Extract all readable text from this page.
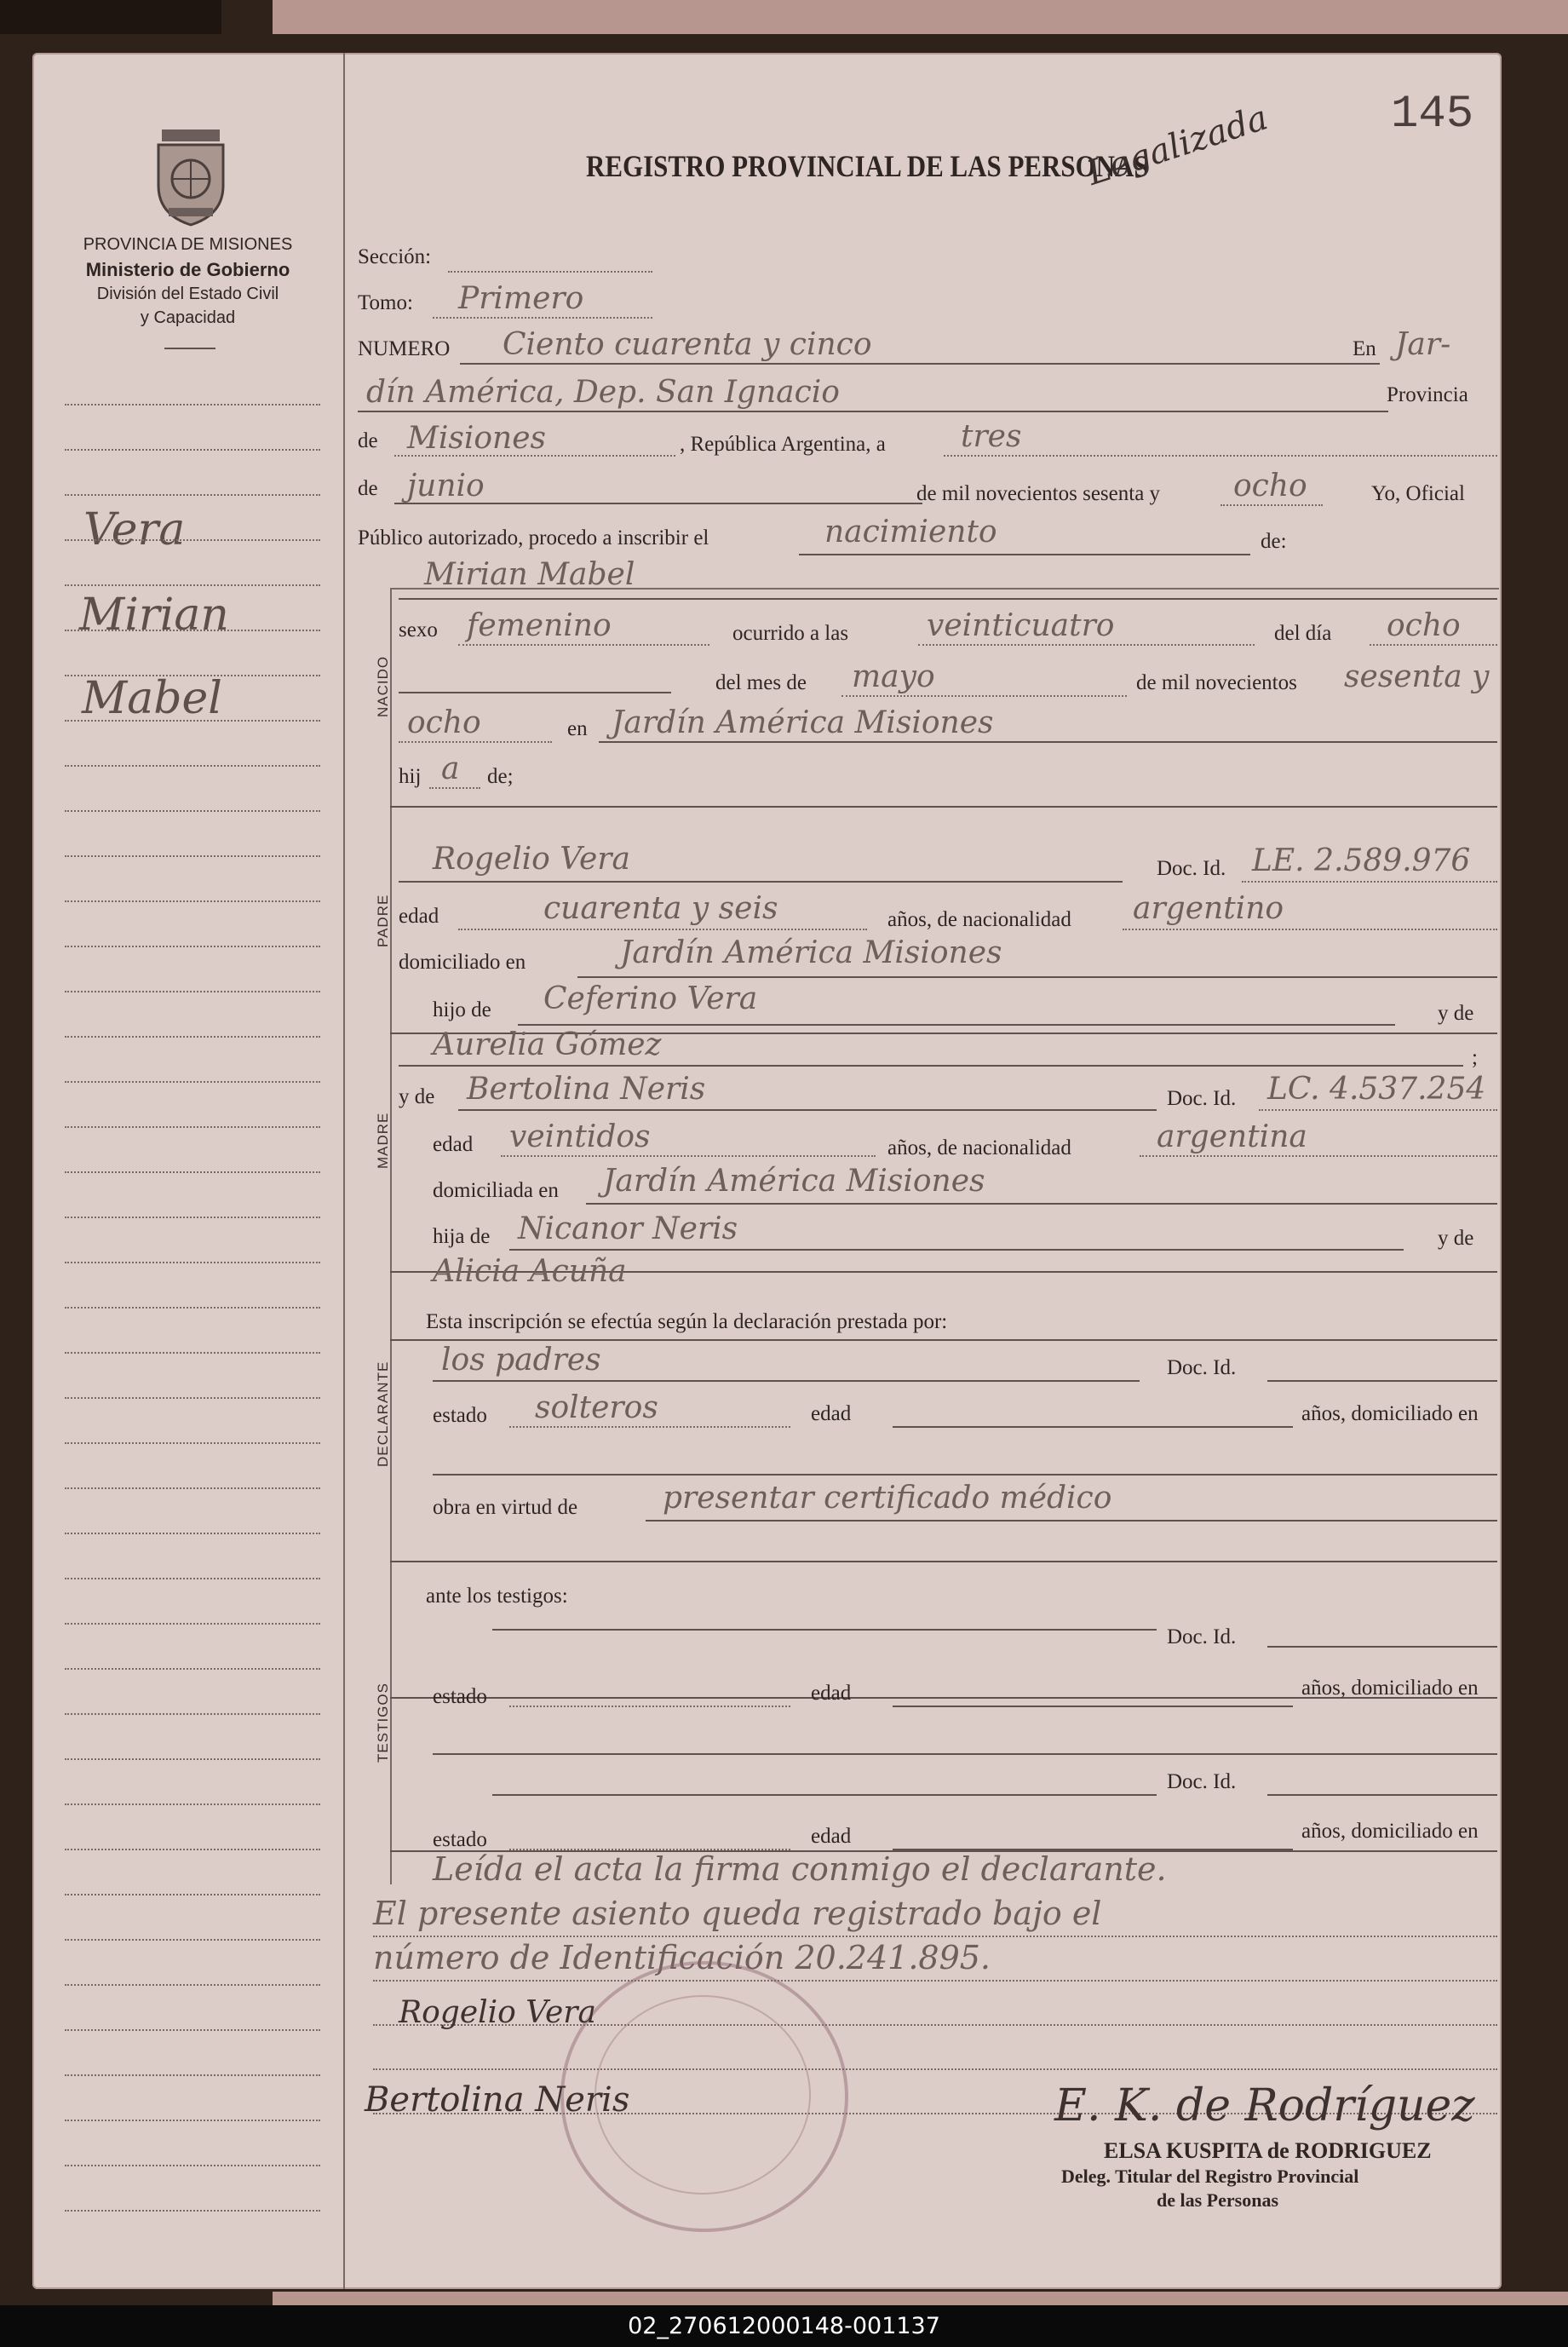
PROVINCIA DE MISIONES
Ministerio de Gobierno
División del Estado Civil
y Capacidad
Vera
Mirian
Mabel	NACIDO
PADRE
MADRE
DECLARANTE
TESTIGOS
REGISTRO PROVINCIAL DE LAS PERSONAS
145
Legalizada
Sección:
Tomo: Primero
NUMERO Ciento cuarenta y cinco	En Jar-
dín América, Dep. San Ignacio	Provincia
de Misiones	, República Argentina, a tres
de junio	de mil novecientos sesenta y ocho	Yo, Oficial
Público autorizado, procedo a inscribir el	nacimiento	de:
Mirian Mabel
sexo femenino	ocurrido a las	veinticuatro	del día ocho
del mes de mayo	de mil novecientos sesenta y
ocho	en Jardín América Misiones
hij a de;
Rogelio Vera	Doc. Id. LE. 2.589.976
edad	cuarenta y seis	años, de nacionalidad argentino
domiciliado en	Jardín América Misiones
hijo de Ceferino Vera	y de
Aurelia Gómez	;
y de Bertolina Neris	Doc. Id. LC. 4.537.254
edad veintidos	años, de nacionalidad	argentina
domiciliada en Jardín América Misiones
hija de Nicanor Neris	y de
Alicia Acuña
Esta inscripción se efectúa según la declaración prestada por:
los padres	Doc. Id.
estado solteros	edad	años, domiciliado en
obra en virtud de	presentar certificado médico
ante los testigos:
Doc. Id.
estado	edad	años, domiciliado en
Doc. Id.
estado	edad	años, domiciliado en
Leída el acta la firma conmigo el declarante.
El presente asiento queda registrado bajo el
número de Identificación 20.241.895.
Rogelio Vera
Bertolina Neris	E. K. de Rodríguez
ELSA KUSPITA de RODRIGUEZ
Deleg. Titular del Registro Provincial
de las Personas
02_270612000148-001137
